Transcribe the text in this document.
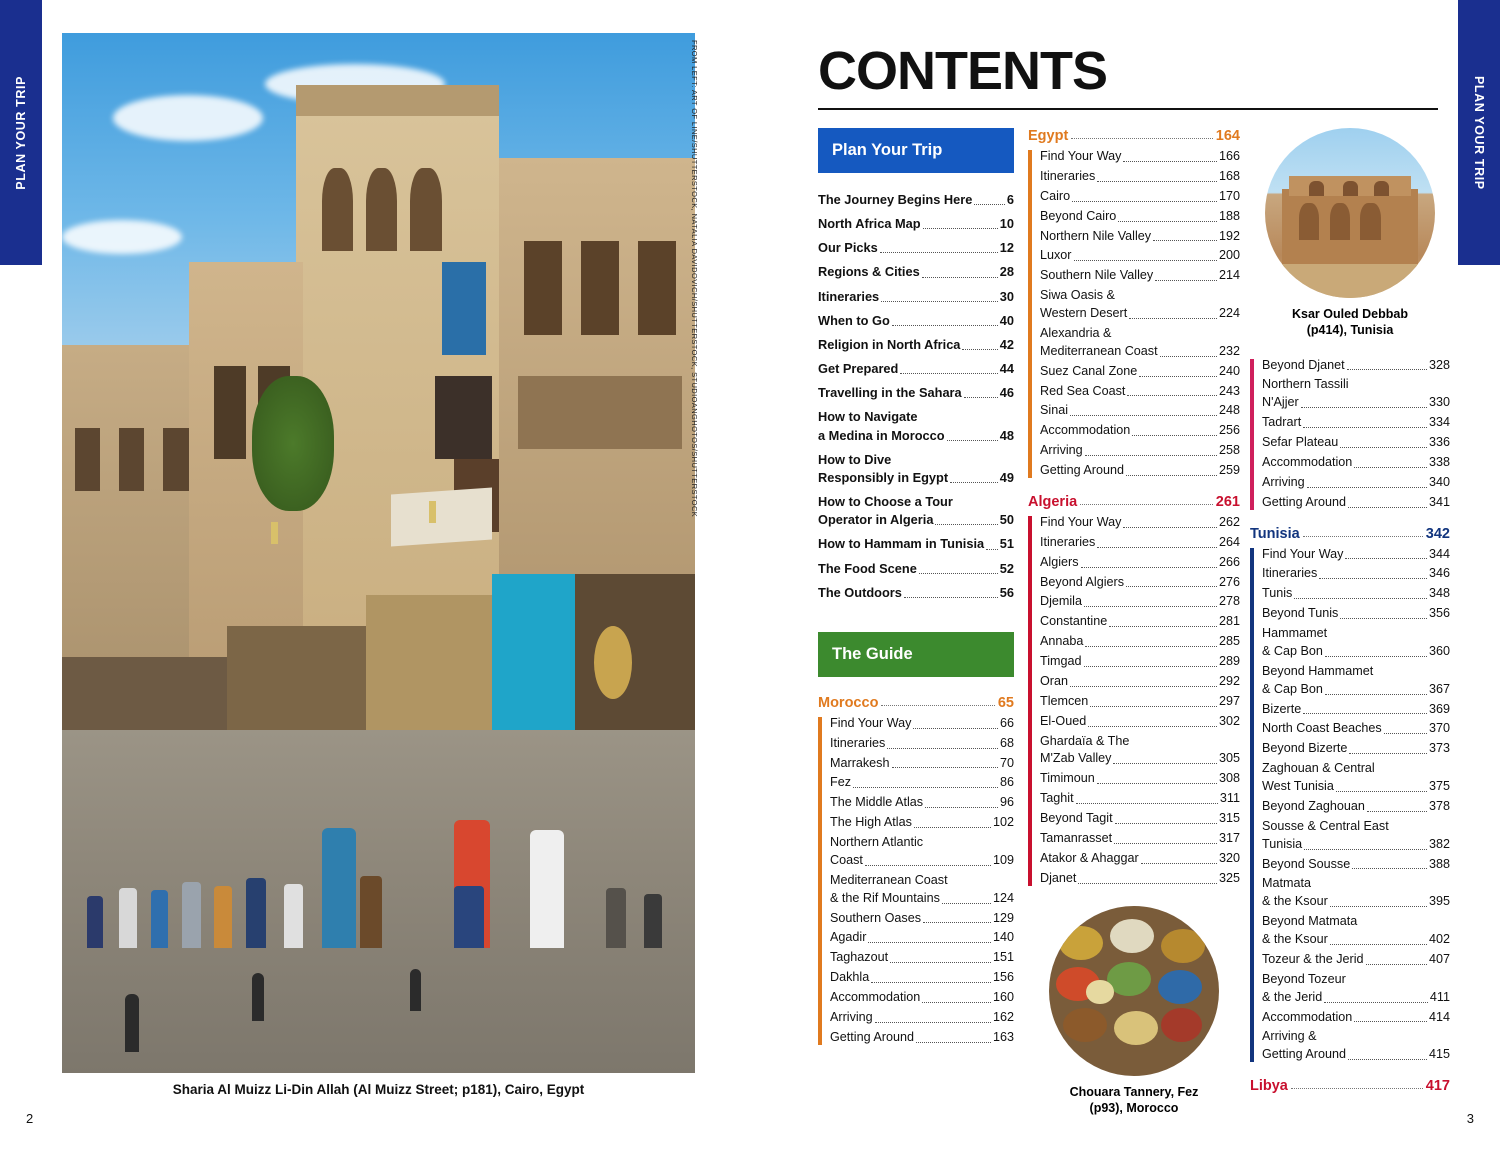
PLAN YOUR TRIP	FROM LEFT: ART OF LINE/SHUTTERSTOCK, NATALIA DAVIDOVICH/SHUTTERSTOCK, STUDIOANGHOTOS/SHUTTERSTOCK
Sharia Al Muizz Li-Din Allah (Al Muizz Street; p181), Cairo, Egypt
2
PLAN YOUR TRIP
CONTENTS
Plan Your Trip
The Journey Begins Here	6
North Africa Map	10
Our Picks	12
Regions & Cities	28
Itineraries	30
When to Go	40
Religion in North Africa	42
Get Prepared	44
Travelling in the Sahara	46
How to Navigate
a Medina in Morocco	48
How to Dive
Responsibly in Egypt	49
How to Choose a Tour
Operator in Algeria	50
How to Hammam in Tunisia 51
The Food Scene	52
The Outdoors	56
The Guide
Morocco	65
Find Your Way	66
Itineraries	68
Marrakesh	70
Fez	86
The Middle Atlas	96
The High Atlas	102
Northern Atlantic
Coast	109
Mediterranean Coast
& the Rif Mountains	124
Southern Oases	129
Agadir	140
Taghazout	151
Dakhla	156
Accommodation	160
Arriving	162
Getting Around	163
Egypt	164
Find Your Way	166
Itineraries	168
Cairo	170
Beyond Cairo	188
Northern Nile Valley	192
Luxor	200
Southern Nile Valley	214
Siwa Oasis &
Western Desert	224
Alexandria &
Mediterranean Coast	232
Suez Canal Zone	240
Red Sea Coast	243
Sinai	248
Accommodation	256
Arriving	258
Getting Around	259
Algeria	261
Find Your Way	262
Itineraries	264
Algiers	266
Beyond Algiers	276
Djemila	278
Constantine	281
Annaba	285
Timgad	289
Oran	292
Tlemcen	297
El-Oued	302
Ghardaïa & The
M'Zab Valley	305
Timimoun	308
Taghit	311
Beyond Tagit	315
Tamanrasset	317
Atakor & Ahaggar	320
Djanet	325
Chouara Tannery, Fez
(p93), Morocco
Ksar Ouled Debbab
(p414), Tunisia
Beyond Djanet	328
Northern Tassili
N'Ajjer	330
Tadrart	334
Sefar Plateau	336
Accommodation	338
Arriving	340
Getting Around	341
Tunisia	342
Find Your Way	344
Itineraries	346
Tunis	348
Beyond Tunis	356
Hammamet
& Cap Bon	360
Beyond Hammamet
& Cap Bon	367
Bizerte	369
North Coast Beaches	370
Beyond Bizerte	373
Zaghouan & Central
West Tunisia	375
Beyond Zaghouan	378
Sousse & Central East
Tunisia	382
Beyond Sousse	388
Matmata
& the Ksour	395
Beyond Matmata
& the Ksour	402
Tozeur & the Jerid	407
Beyond Tozeur
& the Jerid	411
Accommodation	414
Arriving &
Getting Around	415
Libya	417
3
